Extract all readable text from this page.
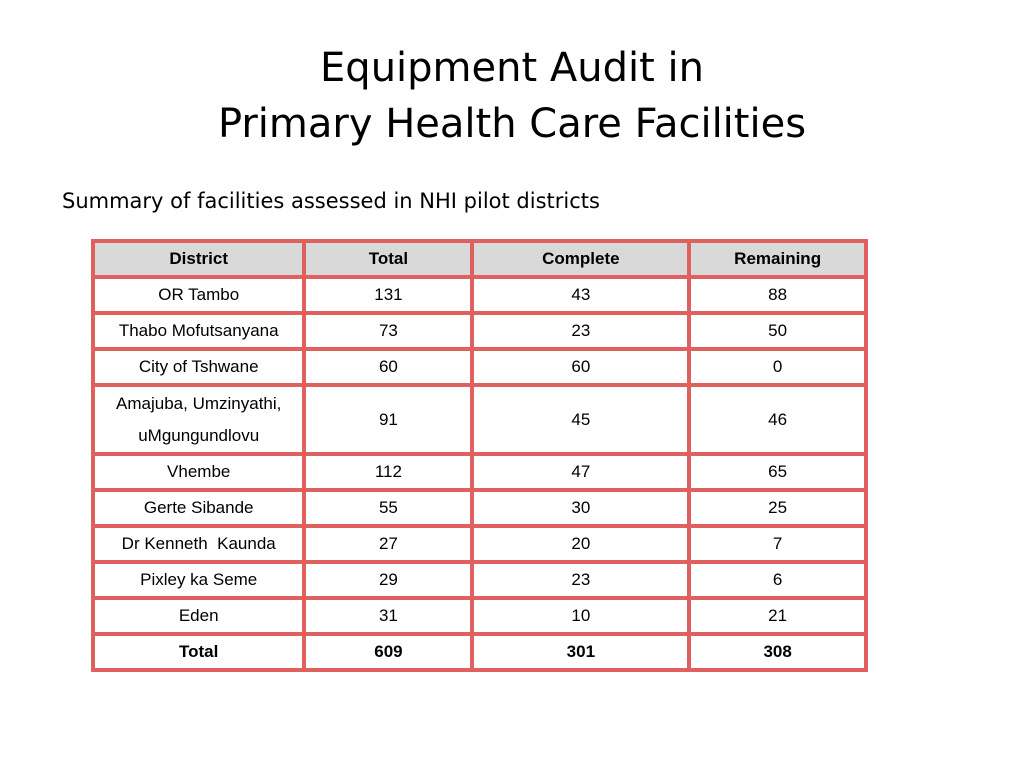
Equipment Audit in
Primary Health Care Facilities

Summary of facilities assessed in NHI pilot districts

District	Total	Complete	Remaining
OR Tambo	131	43	88
Thabo Mofutsanyana	73	23	50
City of Tshwane	60	60	0
Amajuba, Umzinyathi, uMgungundlovu	91	45	46
Vhembe	112	47	65
Gerte Sibande	55	30	25
Dr Kenneth  Kaunda	27	20	7
Pixley ka Seme	29	23	6
Eden	31	10	21
Total	609	301	308
